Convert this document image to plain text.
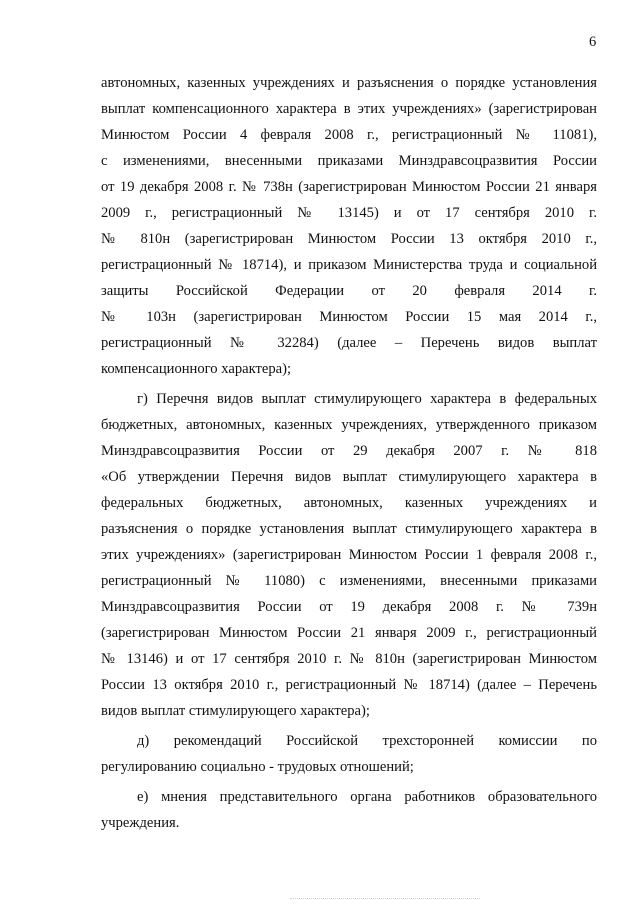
6
автономных, казенных учреждениях и разъяснения о порядке установления
выплат компенсационного характера в этих учреждениях» (зарегистрирован
Минюстом России 4 февраля 2008 г., регистрационный № 11081),
с изменениями, внесенными приказами Минздравсоцразвития России
от 19 декабря 2008 г. № 738н (зарегистрирован Минюстом России 21 января
2009 г., регистрационный № 13145) и от 17 сентября 2010 г.
№ 810н (зарегистрирован Минюстом России 13 октября 2010 г.,
регистрационный № 18714), и приказом Министерства труда и социальной
защиты Российской Федерации от 20 февраля 2014 г.
№ 103н (зарегистрирован Минюстом России 15 мая 2014 г.,
регистрационный № 32284) (далее – Перечень видов выплат
компенсационного характера);
г) Перечня видов выплат стимулирующего характера в федеральных
бюджетных, автономных, казенных учреждениях, утвержденного приказом
Минздравсоцразвития России от 29 декабря 2007 г. № 818
«Об утверждении Перечня видов выплат стимулирующего характера в
федеральных бюджетных, автономных, казенных учреждениях и
разъяснения о порядке установления выплат стимулирующего характера в
этих учреждениях» (зарегистрирован Минюстом России 1 февраля 2008 г.,
регистрационный № 11080) с изменениями, внесенными приказами
Минздравсоцразвития России от 19 декабря 2008 г. № 739н
(зарегистрирован Минюстом России 21 января 2009 г., регистрационный
№ 13146) и от 17 сентября 2010 г. № 810н (зарегистрирован Минюстом
России 13 октября 2010 г., регистрационный № 18714) (далее – Перечень
видов выплат стимулирующего характера);
д) рекомендаций Российской трехсторонней комиссии по
регулированию социально - трудовых отношений;
е) мнения представительного органа работников образовательного
учреждения.
